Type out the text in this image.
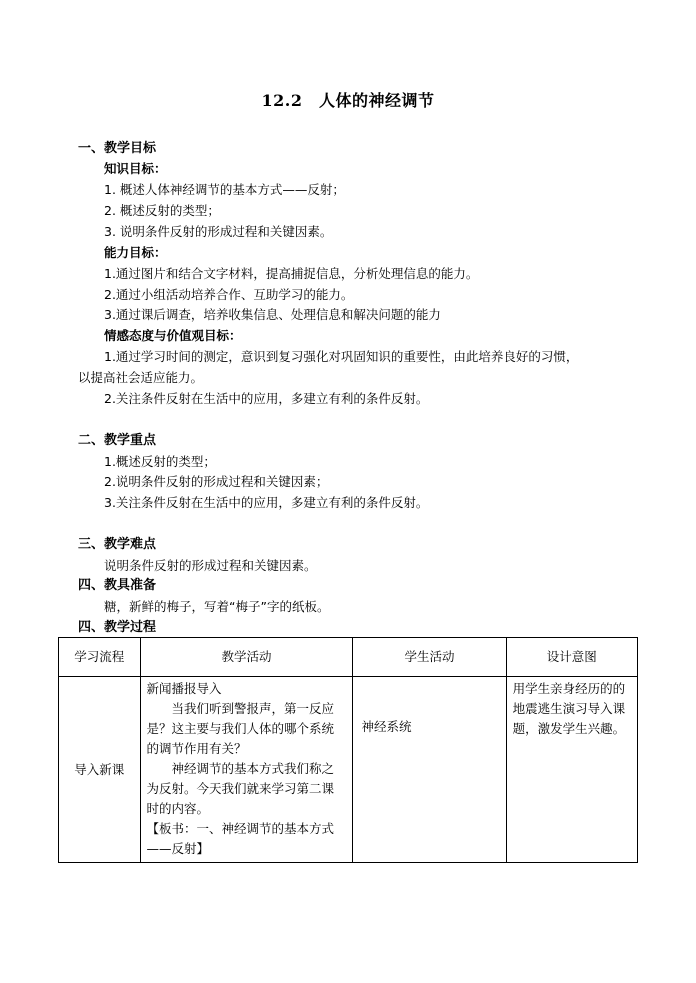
12.2　人体的神经调节
一、教学目标
知识目标：
1. 概述人体神经调节的基本方式——反射；
2. 概述反射的类型；
3. 说明条件反射的形成过程和关键因素。
能力目标：
1.通过图片和结合文字材料，提高捕捉信息，分析处理信息的能力。
2.通过小组活动培养合作、互助学习的能力。
3.通过课后调查，培养收集信息、处理信息和解决问题的能力
情感态度与价值观目标：
1.通过学习时间的测定，意识到复习强化对巩固知识的重要性，由此培养良好的习惯，
以提高社会适应能力。
2.关注条件反射在生活中的应用，多建立有利的条件反射。
二、教学重点
1.概述反射的类型；
2.说明条件反射的形成过程和关键因素；
3.关注条件反射在生活中的应用，多建立有利的条件反射。
三、教学难点
说明条件反射的形成过程和关键因素。
四、教具准备
糖，新鲜的梅子，写着“梅子”字的纸板。
四、教学过程
学习流程	教学活动	学生活动	设计意图
导入新课	新闻播报导入

当我们听到警报声，第一反应是？这主要与我们人体的哪个系统的调节作用有关？

神经调节的基本方式我们称之为反射。今天我们就来学习第二课时的内容。

【板书：一、神经调节的基本方式——反射】	神经系统	用学生亲身经历的的地震逃生演习导入课题，激发学生兴趣。
